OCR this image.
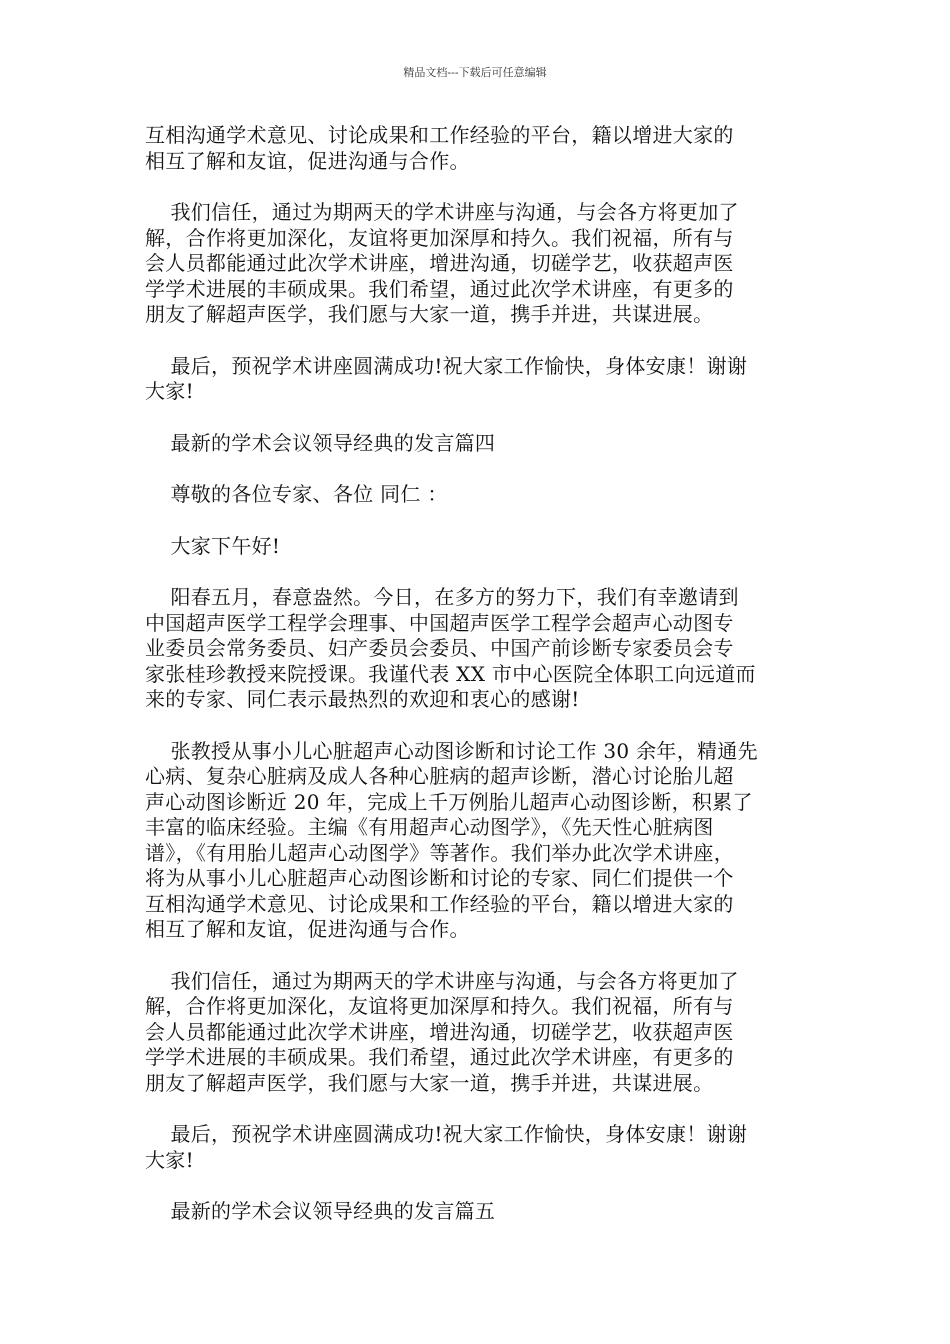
精品文档---下载后可任意编辑
互相沟通学术意见、讨论成果和工作经验的平台，籍以增进大家的
相互了解和友谊，促进沟通与合作。
我们信任，通过为期两天的学术讲座与沟通，与会各方将更加了
解，合作将更加深化，友谊将更加深厚和持久。我们祝福，所有与
会人员都能通过此次学术讲座，增进沟通，切磋学艺，收获超声医
学学术进展的丰硕成果。我们希望，通过此次学术讲座，有更多的
朋友了解超声医学，我们愿与大家一道，携手并进，共谋进展。
最后，预祝学术讲座圆满成功!祝大家工作愉快，身体安康！谢谢
大家!
最新的学术会议领导经典的发言篇四
尊敬的各位专家、各位 同仁 ：
大家下午好!
阳春五月，春意盎然。今日，在多方的努力下，我们有幸邀请到
中国超声医学工程学会理事、中国超声医学工程学会超声心动图专
业委员会常务委员、妇产委员会委员、中国产前诊断专家委员会专
家张桂珍教授来院授课。我谨代表 XX 市中心医院全体职工向远道而
来的专家、同仁表示最热烈的欢迎和衷心的感谢!
张教授从事小儿心脏超声心动图诊断和讨论工作 30 余年，精通先
心病、复杂心脏病及成人各种心脏病的超声诊断，潜心讨论胎儿超
声心动图诊断近 20 年，完成上千万例胎儿超声心动图诊断，积累了
丰富的临床经验。主编《有用超声心动图学》，《先天性心脏病图
谱》，《有用胎儿超声心动图学》等著作。我们举办此次学术讲座，
将为从事小儿心脏超声心动图诊断和讨论的专家、同仁们提供一个
互相沟通学术意见、讨论成果和工作经验的平台，籍以增进大家的
相互了解和友谊，促进沟通与合作。
我们信任，通过为期两天的学术讲座与沟通，与会各方将更加了
解，合作将更加深化，友谊将更加深厚和持久。我们祝福，所有与
会人员都能通过此次学术讲座，增进沟通，切磋学艺，收获超声医
学学术进展的丰硕成果。我们希望，通过此次学术讲座，有更多的
朋友了解超声医学，我们愿与大家一道，携手并进，共谋进展。
最后，预祝学术讲座圆满成功!祝大家工作愉快，身体安康！谢谢
大家!
最新的学术会议领导经典的发言篇五
